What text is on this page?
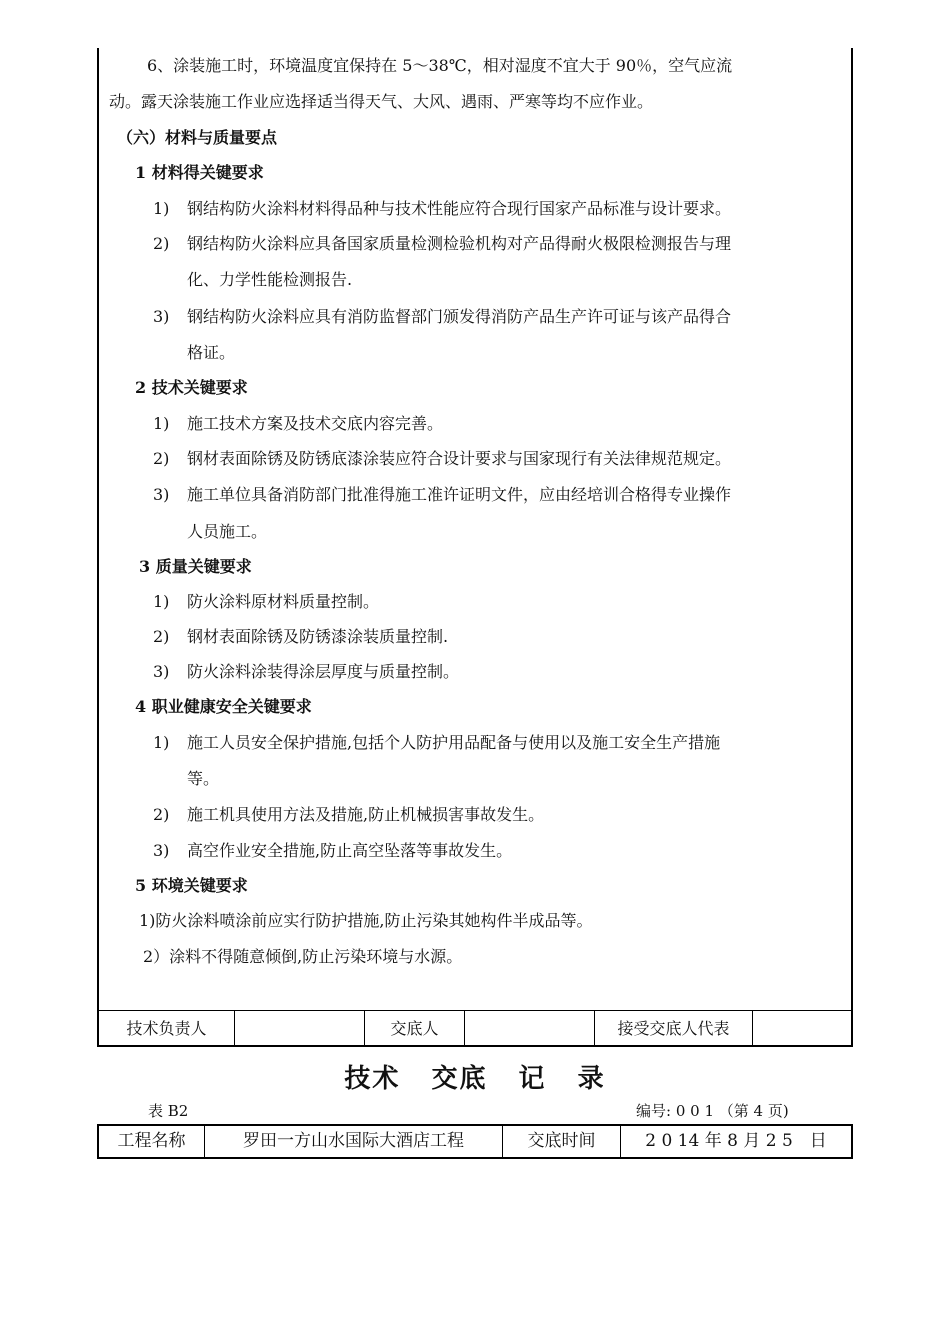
6、涂装施工时，环境温度宜保持在 5～38℃，相对湿度不宜大于 90％，空气应流
动。露天涂装施工作业应选择适当得天气、大风、遇雨、严寒等均不应作业。
（六）材料与质量要点
1 材料得关键要求
1) 钢结构防火涂料材料得品种与技术性能应符合现行国家产品标准与设计要求。
2) 钢结构防火涂料应具备国家质量检测检验机构对产品得耐火极限检测报告与理
化、力学性能检测报告.
3) 钢结构防火涂料应具有消防监督部门颁发得消防产品生产许可证与该产品得合
格证。
2 技术关键要求
1) 施工技术方案及技术交底内容完善。
2) 钢材表面除锈及防锈底漆涂装应符合设计要求与国家现行有关法律规范规定。
3) 施工单位具备消防部门批准得施工准许证明文件，应由经培训合格得专业操作
人员施工。
3 质量关键要求
1) 防火涂料原材料质量控制。
2) 钢材表面除锈及防锈漆涂装质量控制.
3) 防火涂料涂装得涂层厚度与质量控制。
4 职业健康安全关键要求
1) 施工人员安全保护措施,包括个人防护用品配备与使用以及施工安全生产措施
等。
2) 施工机具使用方法及措施,防止机械损害事故发生。
3) 高空作业安全措施,防止高空坠落等事故发生。
5 环境关键要求
1)防火涂料喷涂前应实行防护措施,防止污染其她构件半成品等。
2）涂料不得随意倾倒,防止污染环境与水源。
技术负责人	交底人	接受交底人代表
技术 交底 记 录
表 B2	编号: 0 0 1 （第 4 页)
工程名称	罗田一方山水国际大酒店工程	交底时间	2 0 14 年 8 月 2 5　日
